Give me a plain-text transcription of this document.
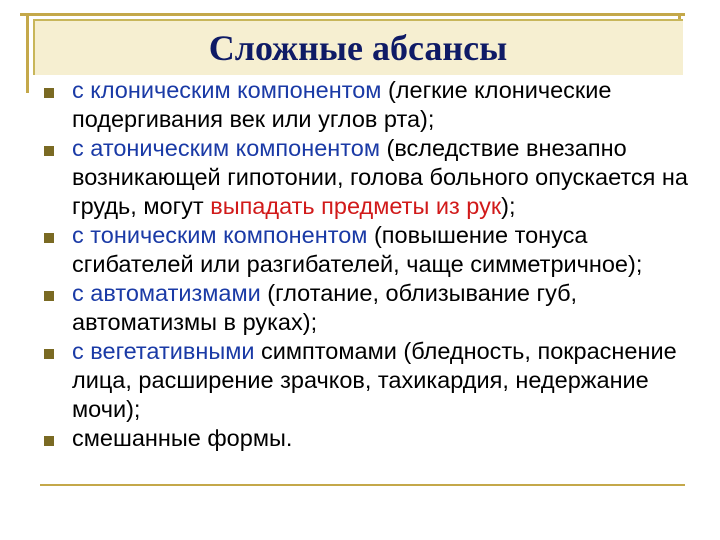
Сложные абсансы
с клоническим компонентом (легкие клонические подергивания век или углов рта);
с атоническим компонентом (вследствие внезапно возникающей гипотонии, голова больного опускается на грудь, могут выпадать предметы из рук);
с тоническим компонентом (повышение тонуса сгибателей или разгибателей, чаще симметричное);
с автоматизмами (глотание, облизывание губ, автоматизмы в руках);
с вегетативными симптомами (бледность, покраснение лица, расширение зрачков, тахикардия, недержание мочи);
смешанные формы.
